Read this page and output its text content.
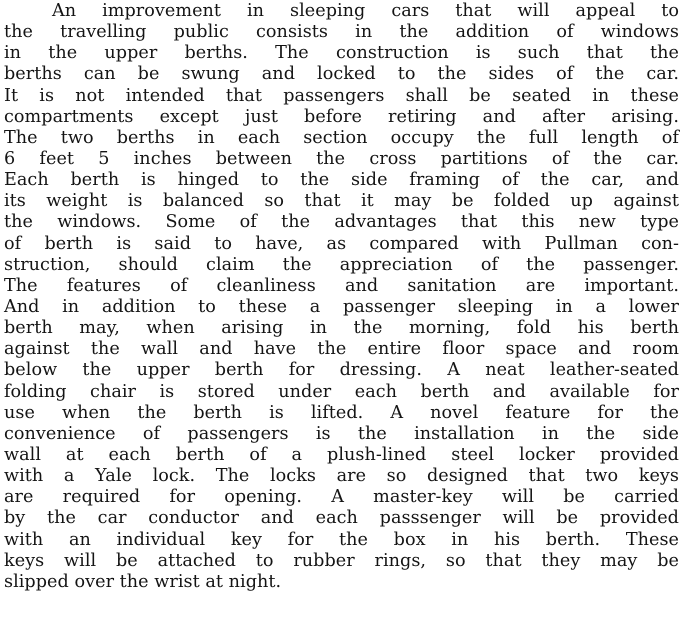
An improvement in sleeping cars that will appeal to
the travelling public consists in the addition of windows
in the upper berths. The construction is such that the
berths can be swung and locked to the sides of the car.
It is not intended that passengers shall be seated in these
compartments except just before retiring and after arising.
The two berths in each section occupy the full length of
6 feet 5 inches between the cross partitions of the car.
Each berth is hinged to the side framing of the car, and
its weight is balanced so that it may be folded up against
the windows. Some of the advantages that this new type
of berth is said to have, as compared with Pullman con-
struction, should claim the appreciation of the passenger.
The features of cleanliness and sanitation are important.
And in addition to these a passenger sleeping in a lower
berth may, when arising in the morning, fold his berth
against the wall and have the entire floor space and room
below the upper berth for dressing. A neat leather-seated
folding chair is stored under each berth and available for
use when the berth is lifted. A novel feature for the
convenience of passengers is the installation in the side
wall at each berth of a plush-lined steel locker provided
with a Yale lock. The locks are so designed that two keys
are required for opening. A master-key will be carried
by the car conductor and each passsenger will be provided
with an individual key for the box in his berth. These
keys will be attached to rubber rings, so that they may be
slipped over the wrist at night.
